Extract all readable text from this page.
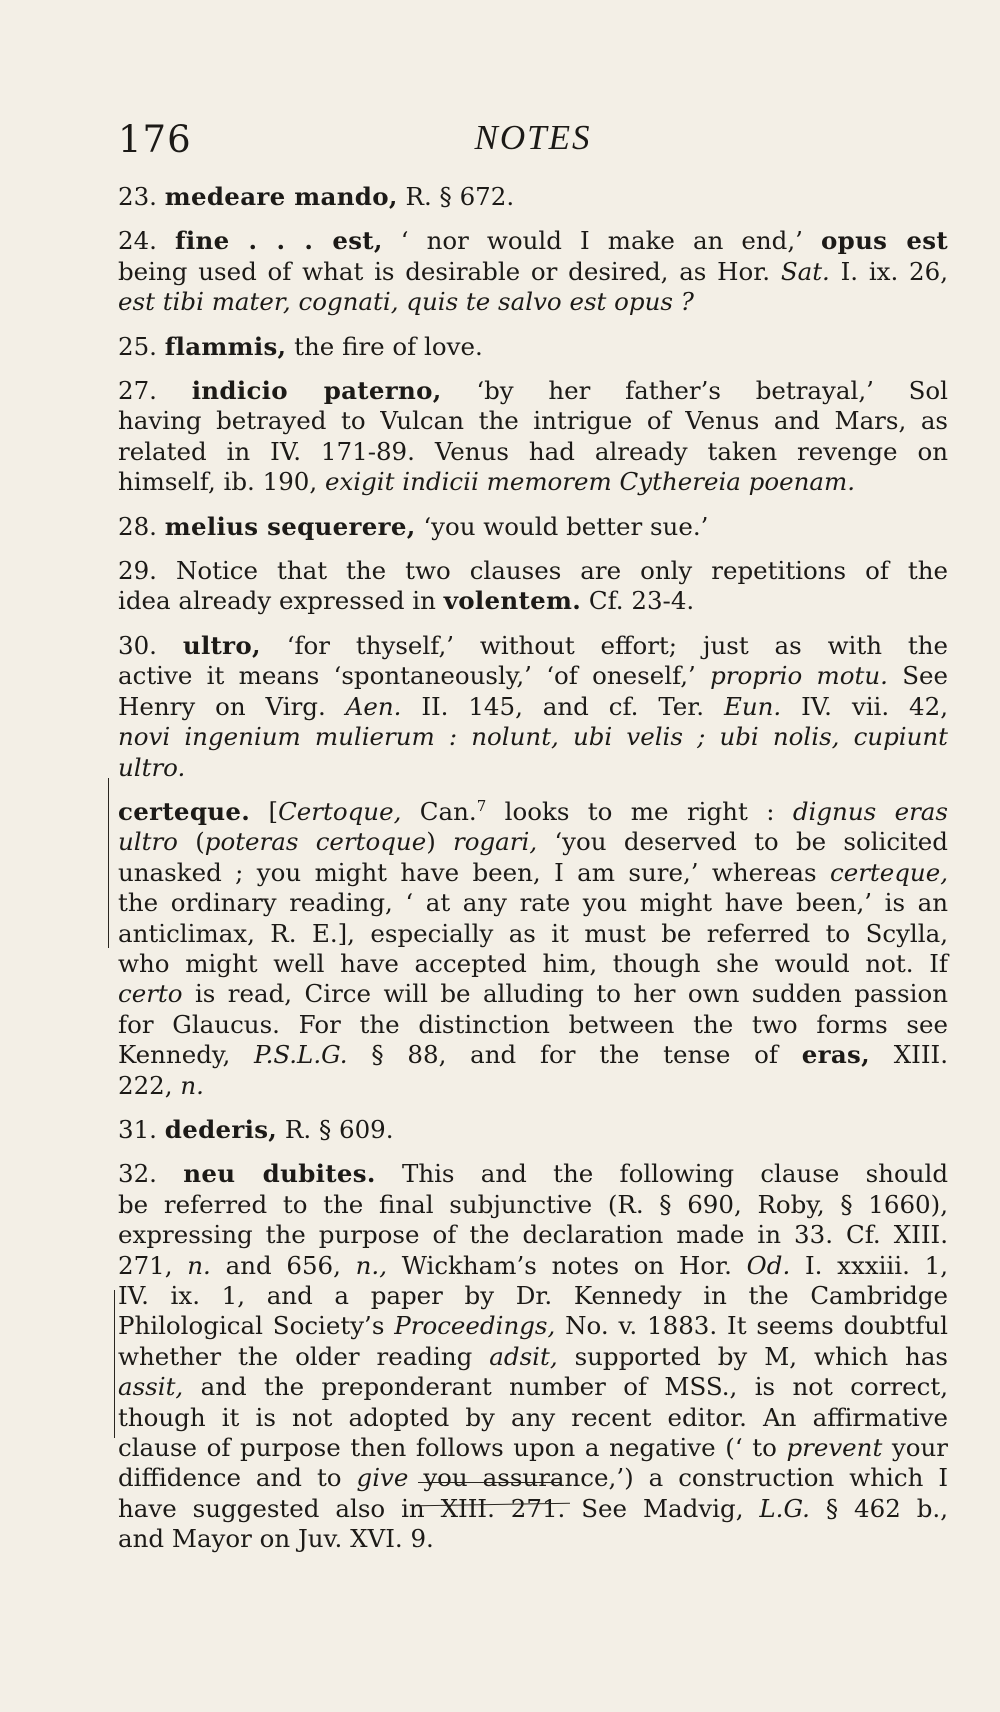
176	NOTES
23. medeare mando, R. § 672.
24. fine . . . est, ‘ nor would I make an end,’ opus est
being used of what is desirable or desired, as Hor. Sat. I. ix. 26,
est tibi mater, cognati, quis te salvo est opus ?
25. flammis, the fire of love.
27. indicio paterno, ‘by her father’s betrayal,’ Sol
having betrayed to Vulcan the intrigue of Venus and Mars, as
related in IV. 171-89. Venus had already taken revenge on
himself, ib. 190, exigit indicii memorem Cythereia poenam.
28. melius sequerere, ‘you would better sue.’
29. Notice that the two clauses are only repetitions of the
idea already expressed in volentem. Cf. 23-4.
30. ultro, ‘for thyself,’ without effort; just as with the
active it means ‘spontaneously,’ ‘of oneself,’ proprio motu. See
Henry on Virg. Aen. II. 145, and cf. Ter. Eun. IV. vii. 42,
novi ingenium mulierum : nolunt, ubi velis ; ubi nolis, cupiunt
ultro.
certeque. [Certoque, Can.$^7$ looks to me right : dignus eras
ultro (poteras certoque) rogari, ‘you deserved to be solicited
unasked ; you might have been, I am sure,’ whereas certeque,
the ordinary reading, ‘ at any rate you might have been,’ is an
anticlimax, R. E.], especially as it must be referred to Scylla,
who might well have accepted him, though she would not. If
certo is read, Circe will be alluding to her own sudden passion
for Glaucus. For the distinction between the two forms see
Kennedy, P.S.L.G. § 88, and for the tense of eras, XIII.
222, n.
31. dederis, R. § 609.
32. neu dubites. This and the following clause should
be referred to the final subjunctive (R. § 690, Roby, § 1660),
expressing the purpose of the declaration made in 33. Cf. XIII.
271, n. and 656, n., Wickham’s notes on Hor. Od. I. xxxiii. 1,
IV. ix. 1, and a paper by Dr. Kennedy in the Cambridge
Philological Society’s Proceedings, No. v. 1883. It seems doubtful
whether the older reading adsit, supported by M, which has
assit, and the preponderant number of MSS., is not correct,
though it is not adopted by any recent editor. An affirmative
clause of purpose then follows upon a negative (‘ to prevent your
diffidence and to give you assurance,’) a construction which I
have suggested also in XIII. 271. See Madvig, L.G. § 462 b.,
and Mayor on Juv. XVI. 9.
